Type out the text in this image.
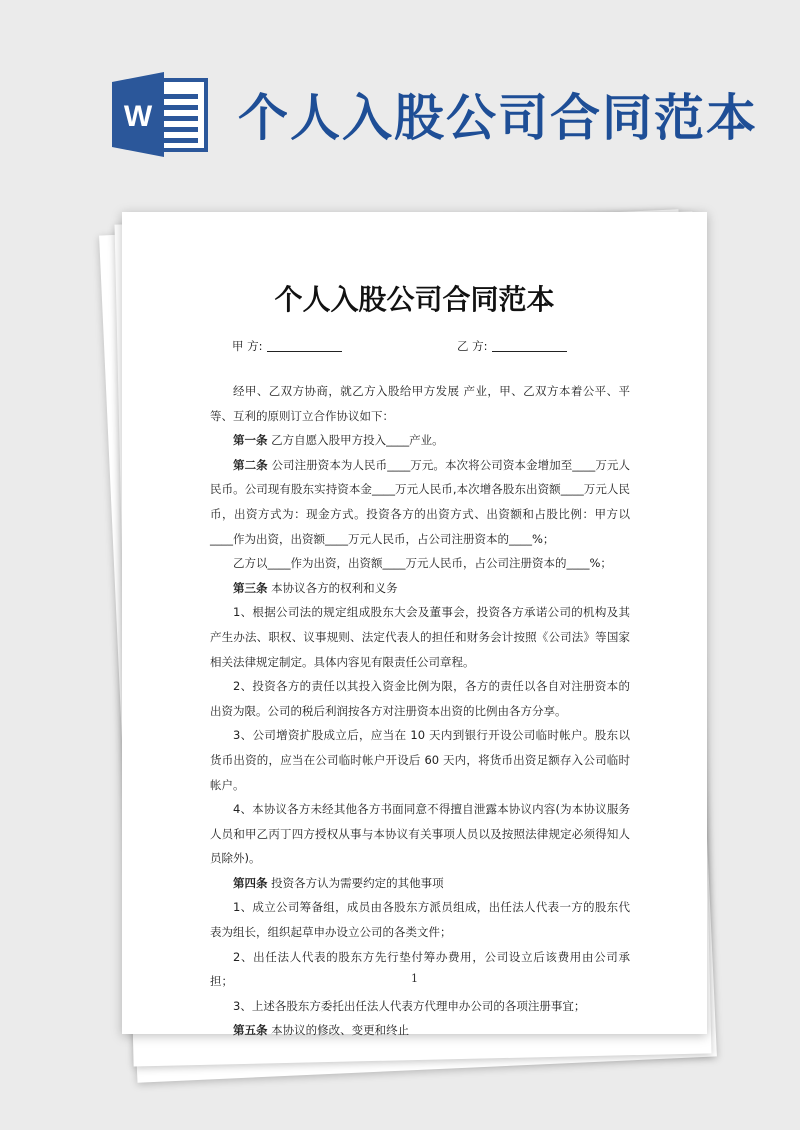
W 个人入股公司合同范本
个人入股公司合同范本
甲 方:	乙 方:

经甲、乙双方协商，就乙方入股给甲方发展 产业，甲、乙双方本着公平、平等、互利的原则订立合作协议如下：

第一条 乙方自愿入股甲方投入____产业。

第二条 公司注册资本为人民币____万元。本次将公司资本金增加至____万元人民币。公司现有股东实持资本金____万元人民币,本次增各股东出资额____万元人民币，出资方式为：现金方式。投资各方的出资方式、出资额和占股比例：甲方以____作为出资，出资额____万元人民币，占公司注册资本的____%；

乙方以____作为出资，出资额____万元人民币，占公司注册资本的____%；

第三条 本协议各方的权利和义务

1、根据公司法的规定组成股东大会及董事会，投资各方承诺公司的机构及其产生办法、职权、议事规则、法定代表人的担任和财务会计按照《公司法》等国家相关法律规定制定。具体内容见有限责任公司章程。

2、投资各方的责任以其投入资金比例为限，各方的责任以各自对注册资本的出资为限。公司的税后利润按各方对注册资本出资的比例由各方分享。

3、公司增资扩股成立后，应当在 10 天内到银行开设公司临时帐户。股东以货币出资的，应当在公司临时帐户开设后 60 天内，将货币出资足额存入公司临时帐户。

4、本协议各方未经其他各方书面同意不得擅自泄露本协议内容(为本协议服务人员和甲乙丙丁四方授权从事与本协议有关事项人员以及按照法律规定必须得知人员除外)。

第四条 投资各方认为需要约定的其他事项

1、成立公司筹备组，成员由各股东方派员组成，出任法人代表一方的股东代表为组长，组织起草申办设立公司的各类文件；

2、出任法人代表的股东方先行垫付筹办费用，公司设立后该费用由公司承担；

3、上述各股东方委托出任法人代表方代理申办公司的各项注册事宜；

第五条 本协议的修改、变更和终止

1
